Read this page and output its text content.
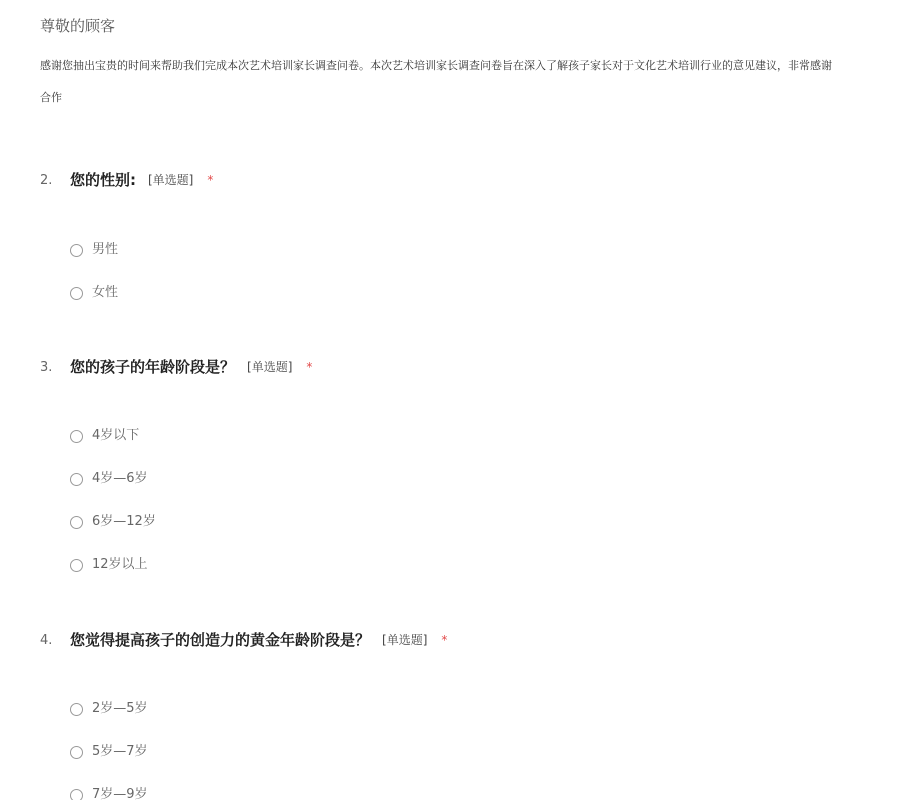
尊敬的顾客
感谢您抽出宝贵的时间来帮助我们完成本次艺术培训家长调查问卷。本次艺术培训家长调查问卷旨在深入了解孩子家长对于文化艺术培训行业的意见建议，非常感谢
合作
2. 您的性别: [单选题] *
男性
女性
3. 您的孩子的年龄阶段是？ [单选题] *
4岁以下
4岁—6岁
6岁—12岁
12岁以上
4. 您觉得提高孩子的创造力的黄金年龄阶段是？ [单选题] *
2岁—5岁
5岁—7岁
7岁—9岁
